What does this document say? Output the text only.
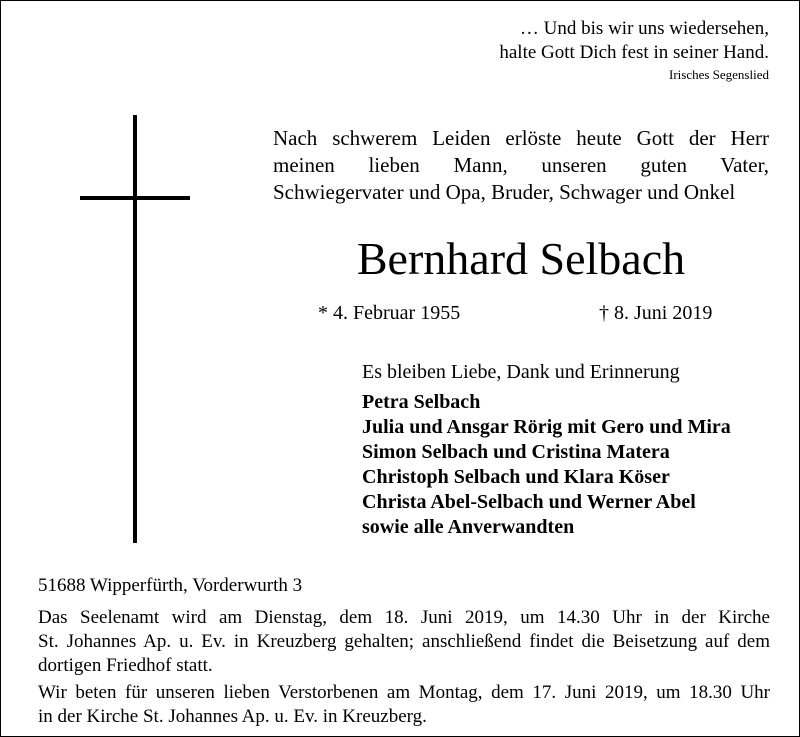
… Und bis wir uns wiedersehen,
halte Gott Dich fest in seiner Hand.
Irisches Segenslied
Nach schwerem Leiden erlöste heute Gott der Herr
meinen lieben Mann, unseren guten Vater,
Schwiegervater und Opa, Bruder, Schwager und Onkel
Bernhard Selbach
* 4. Februar 1955	† 8. Juni 2019
Es bleiben Liebe, Dank und Erinnerung
Petra Selbach
Julia und Ansgar Rörig mit Gero und Mira
Simon Selbach und Cristina Matera
Christoph Selbach und Klara Köser
Christa Abel-Selbach und Werner Abel
sowie alle Anverwandten
51688 Wipperfürth, Vorderwurth 3
Das Seelenamt wird am Dienstag, dem 18. Juni 2019, um 14.30 Uhr in der Kirche
St. Johannes Ap. u. Ev. in Kreuzberg gehalten; anschließend findet die Beisetzung auf dem
dortigen Friedhof statt.
Wir beten für unseren lieben Verstorbenen am Montag, dem 17. Juni 2019, um 18.30 Uhr
in der Kirche St. Johannes Ap. u. Ev. in Kreuzberg.
